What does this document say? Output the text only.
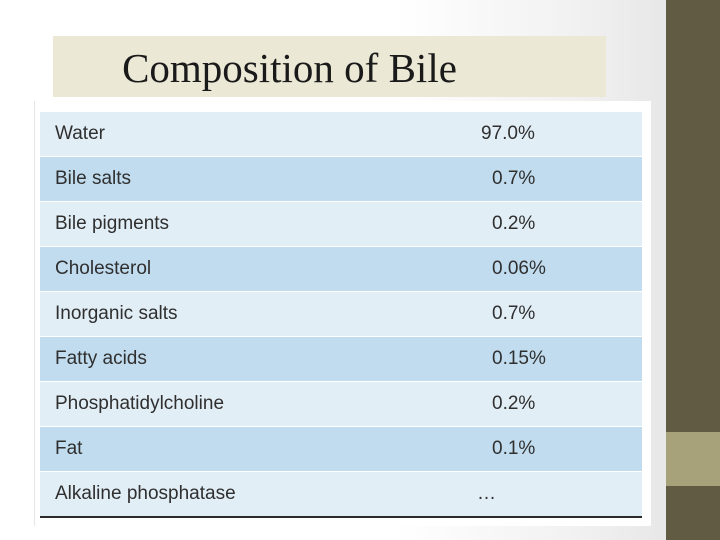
Composition of Bile
Water	97.0%
Bile salts	0.7%
Bile pigments	0.2%
Cholesterol	0.06%
Inorganic salts	0.7%
Fatty acids	0.15%
Phosphatidylcholine	0.2%
Fat	0.1%
Alkaline phosphatase	…
